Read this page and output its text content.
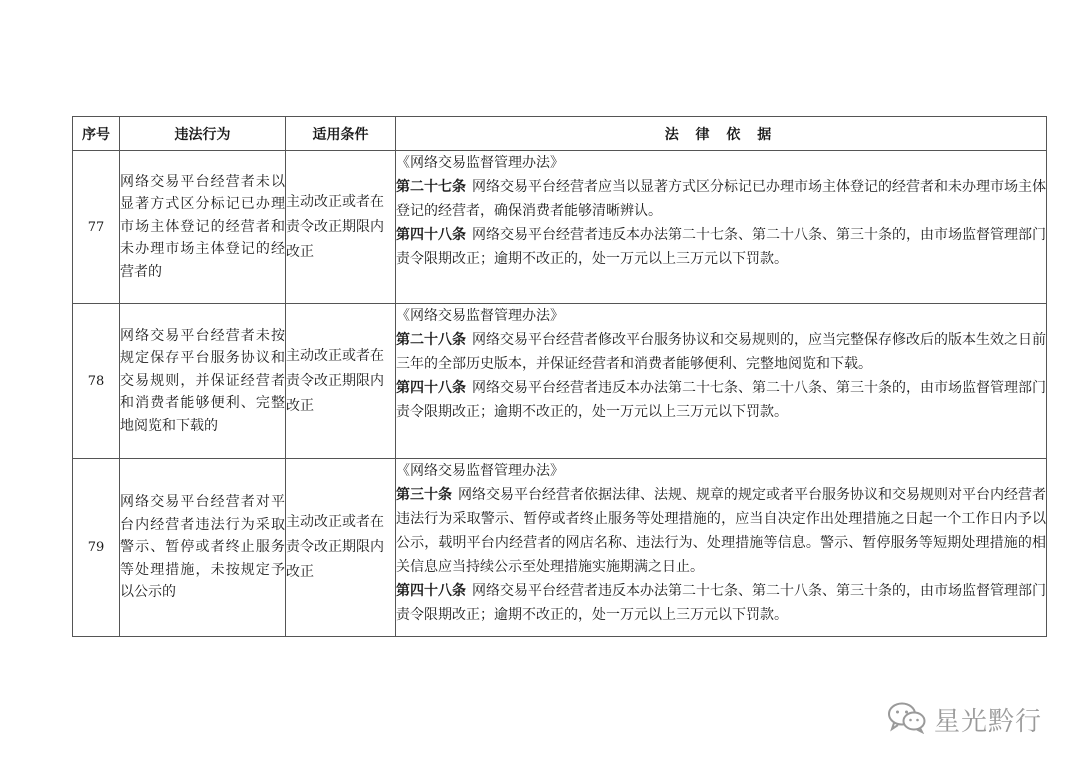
序号	违法行为	适用条件	法 律 依 据
77	网络交易平台经营者未以显著方式区分标记已办理市场主体登记的经营者和未办理市场主体登记的经营者的	主动改正或者在责令改正期限内改正	《网络交易监督管理办法》
第二十七条 网络交易平台经营者应当以显著方式区分标记已办理市场主体登记的经营者和未办理市场主体登记的经营者，确保消费者能够清晰辨认。
第四十八条 网络交易平台经营者违反本办法第二十七条、第二十八条、第三十条的，由市场监督管理部门责令限期改正；逾期不改正的，处一万元以上三万元以下罚款。

78	网络交易平台经营者未按规定保存平台服务协议和交易规则，并保证经营者和消费者能够便利、完整地阅览和下载的	主动改正或者在责令改正期限内改正	《网络交易监督管理办法》
第二十八条 网络交易平台经营者修改平台服务协议和交易规则的，应当完整保存修改后的版本生效之日前三年的全部历史版本，并保证经营者和消费者能够便利、完整地阅览和下载。
第四十八条 网络交易平台经营者违反本办法第二十七条、第二十八条、第三十条的，由市场监督管理部门责令限期改正；逾期不改正的，处一万元以上三万元以下罚款。

79	网络交易平台经营者对平台内经营者违法行为采取警示、暂停或者终止服务等处理措施，未按规定予以公示的	主动改正或者在责令改正期限内改正	《网络交易监督管理办法》
第三十条 网络交易平台经营者依据法律、法规、规章的规定或者平台服务协议和交易规则对平台内经营者违法行为采取警示、暂停或者终止服务等处理措施的，应当自决定作出处理措施之日起一个工作日内予以公示，载明平台内经营者的网店名称、违法行为、处理措施等信息。警示、暂停服务等短期处理措施的相关信息应当持续公示至处理措施实施期满之日止。
第四十八条 网络交易平台经营者违反本办法第二十七条、第二十八条、第三十条的，由市场监督管理部门责令限期改正；逾期不改正的，处一万元以上三万元以下罚款。
星光黔行
